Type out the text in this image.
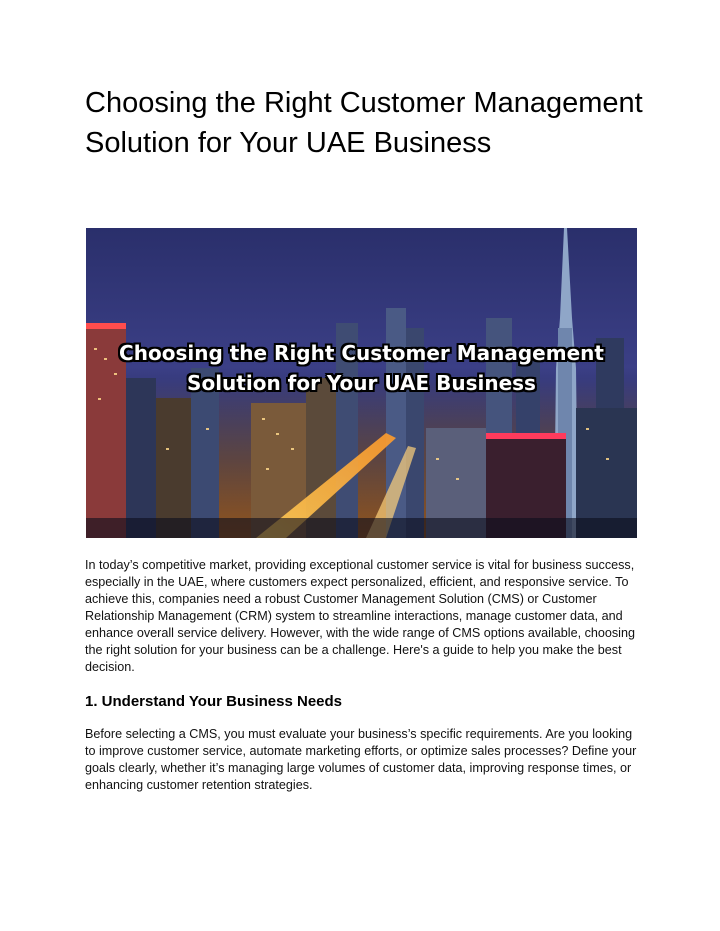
Choosing the Right Customer Management Solution for Your UAE Business
Choosing the Right Customer Management
Solution for Your UAE Business

In today’s competitive market, providing exceptional customer service is vital for business success, especially in the UAE, where customers expect personalized, efficient, and responsive service. To achieve this, companies need a robust Customer Management Solution (CMS) or Customer Relationship Management (CRM) system to streamline interactions, manage customer data, and enhance overall service delivery. However, with the wide range of CMS options available, choosing the right solution for your business can be a challenge. Here's a guide to help you make the best decision.

1. Understand Your Business Needs

Before selecting a CMS, you must evaluate your business’s specific requirements. Are you looking to improve customer service, automate marketing efforts, or optimize sales processes? Define your goals clearly, whether it’s managing large volumes of customer data, improving response times, or enhancing customer retention strategies.
